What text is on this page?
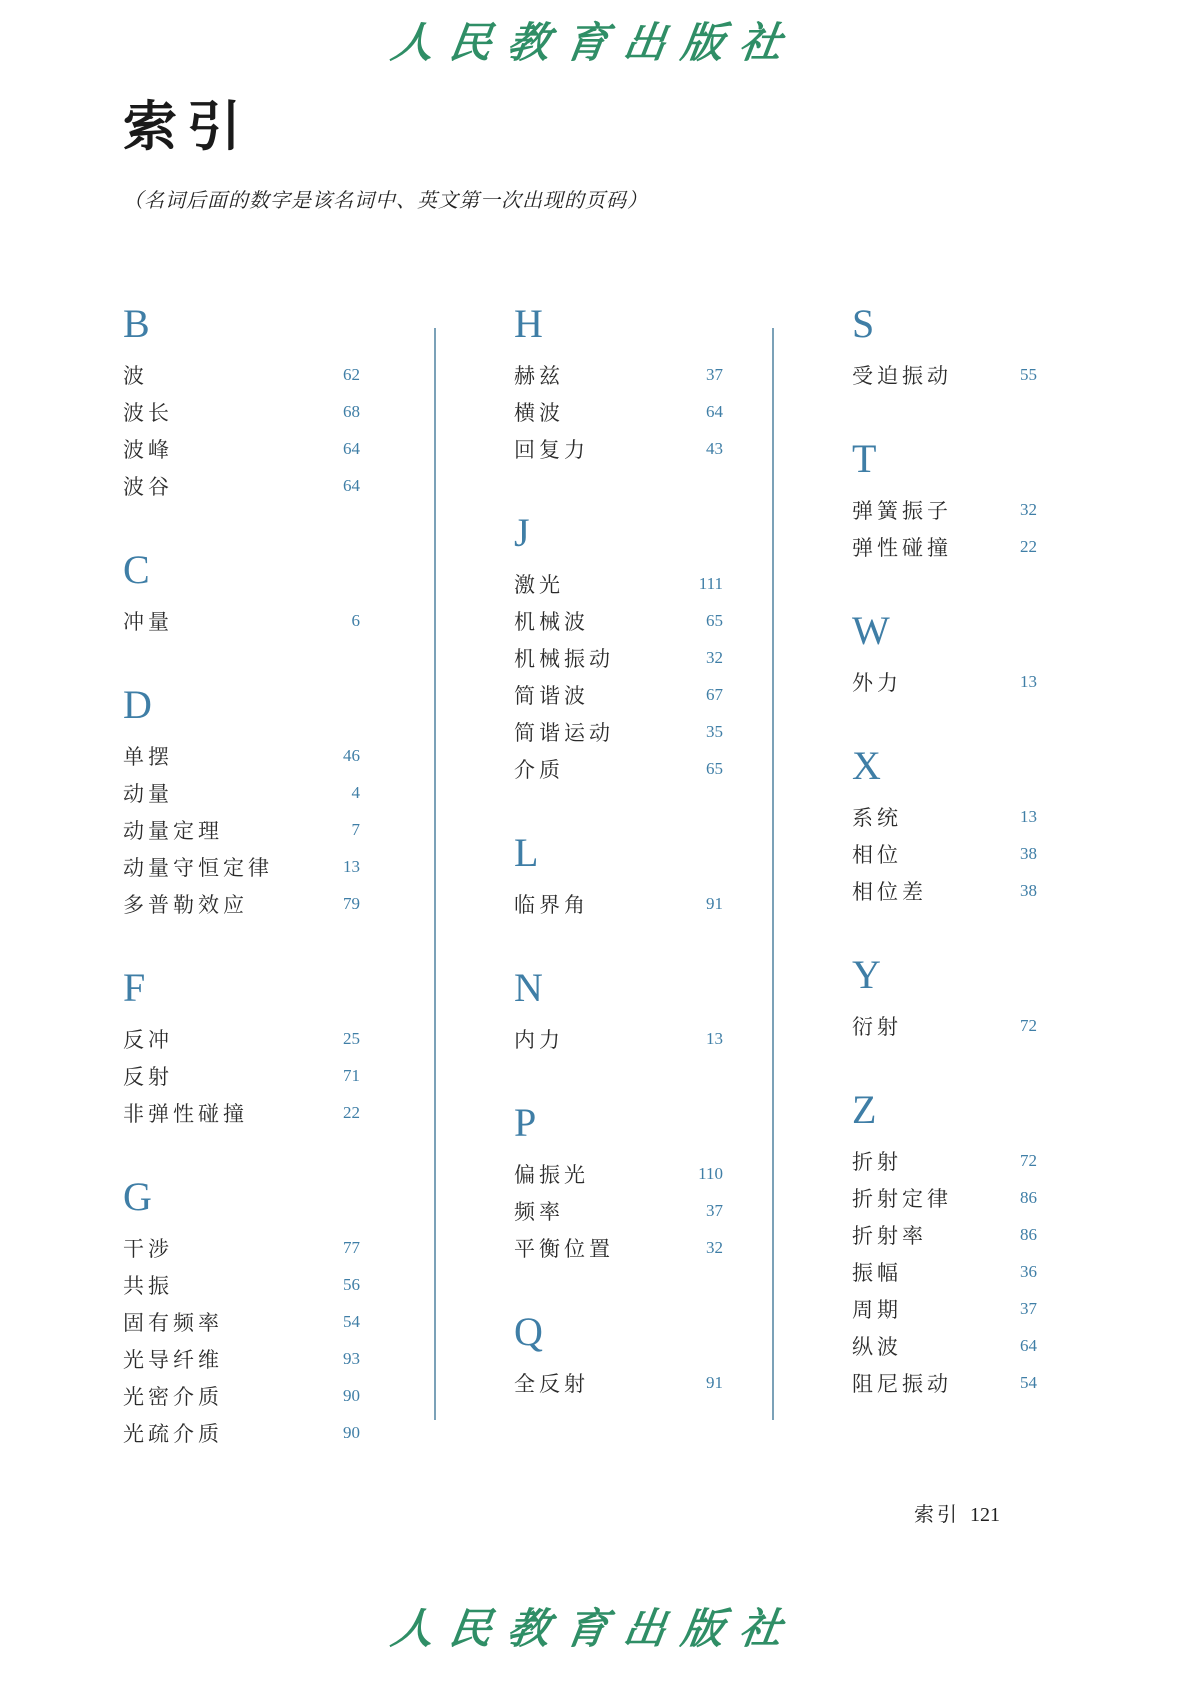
人民教育出版社
索引

（名词后面的数字是该名词中、英文第一次出现的页码）

B
波	62
波长	68
波峰	64
波谷	64
C
冲量	6
D
单摆	46
动量	4
动量定理	7
动量守恒定律	13
多普勒效应	79
F
反冲	25
反射	71
非弹性碰撞	22
G
干涉	77
共振	56
固有频率	54
光导纤维	93
光密介质	90
光疏介质	90
H
赫兹	37
横波	64
回复力	43
J
激光	111
机械波	65
机械振动	32
简谐波	67
简谐运动	35
介质	65
L
临界角	91
N
内力	13
P
偏振光	110
频率	37
平衡位置	32
Q
全反射	91
S
受迫振动	55
T
弹簧振子	32
弹性碰撞	22
W
外力	13
X
系统	13
相位	38
相位差	38
Y
衍射	72
Z
折射	72
折射定律	86
折射率	86
振幅	36
周期	37
纵波	64
阻尼振动	54
索引 121
人民教育出版社
